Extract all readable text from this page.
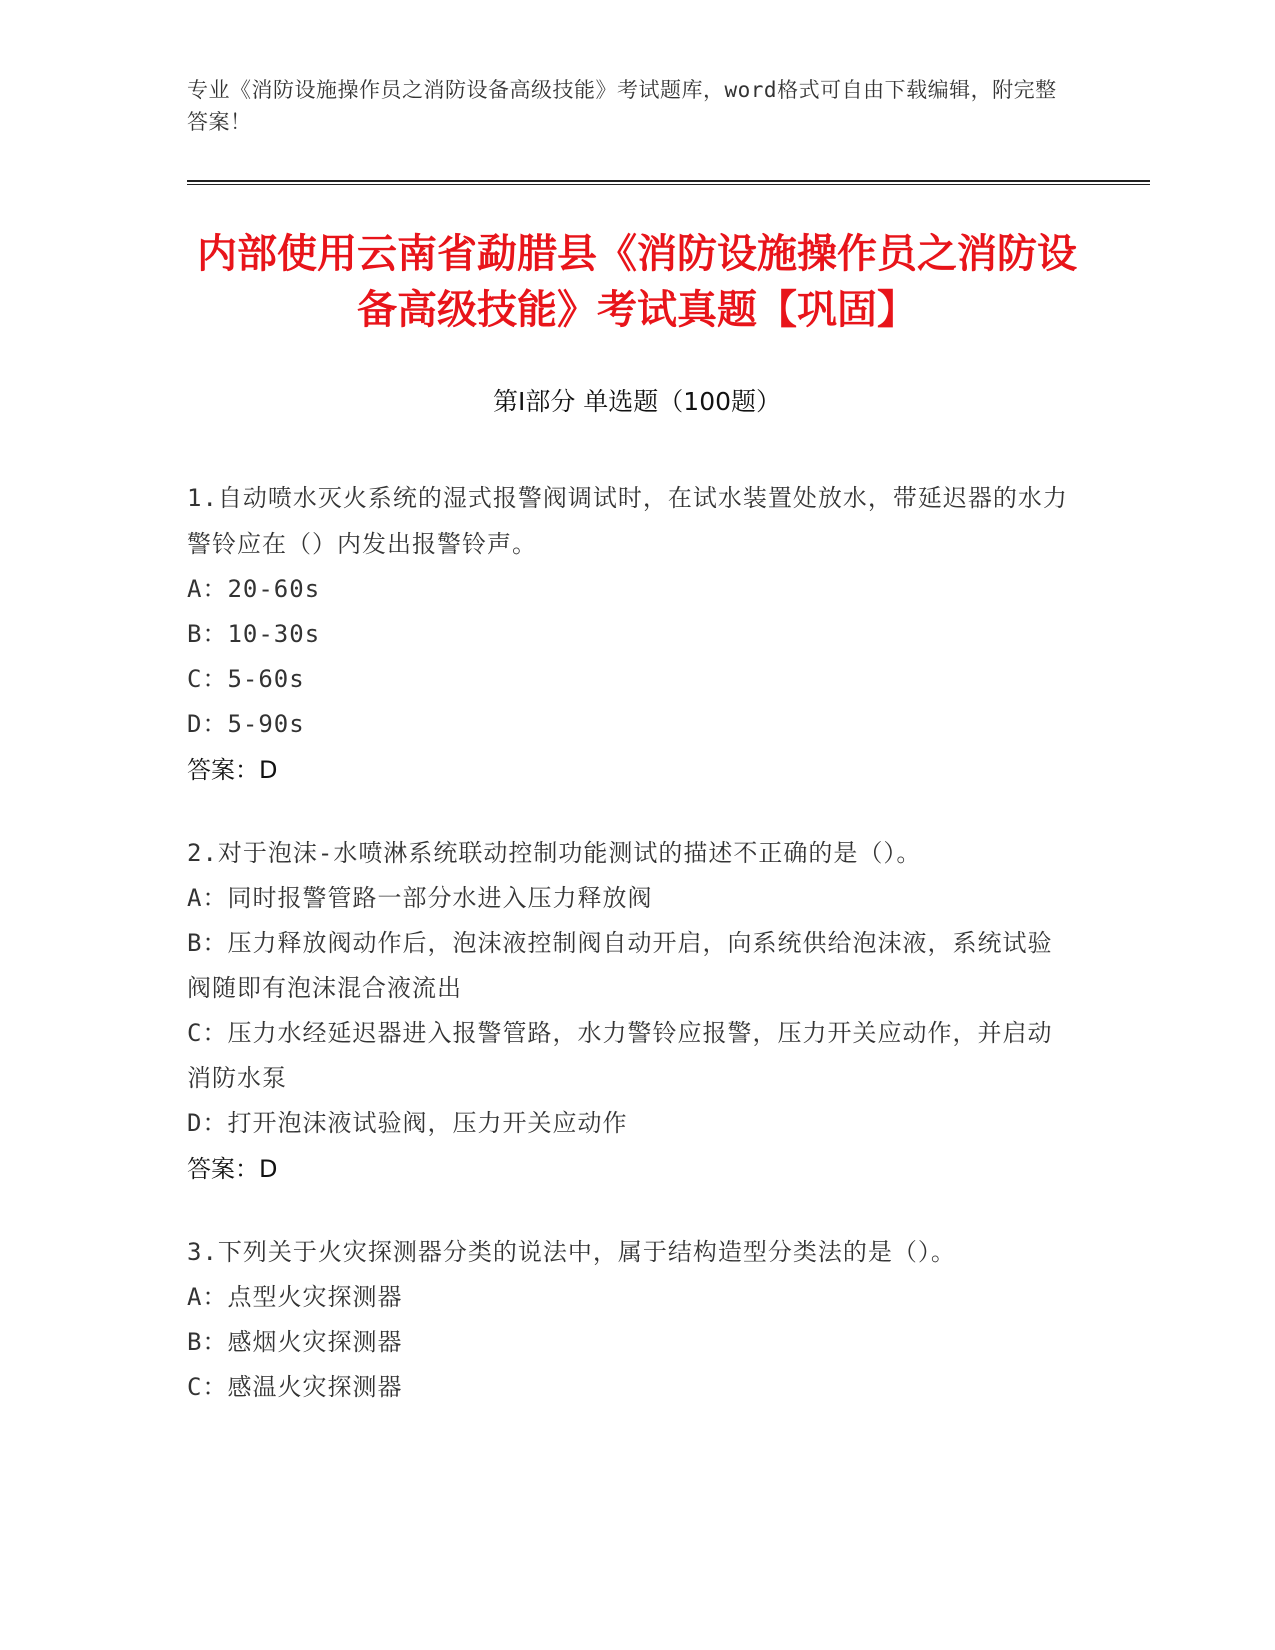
专业《消防设施操作员之消防设备高级技能》考试题库，word格式可自由下载编辑，附完整答案！
内部使用云南省勐腊县《消防设施操作员之消防设备高级技能》考试真题【巩固】
第Ⅰ部分 单选题（100题）

1.自动喷水灭火系统的湿式报警阀调试时，在试水装置处放水，带延迟器的水力警铃应在（）内发出报警铃声。

A：20-60s

B：10-30s

C：5-60s

D：5-90s

答案：D

2.对于泡沫-水喷淋系统联动控制功能测试的描述不正确的是（）。

A：同时报警管路一部分水进入压力释放阀

B：压力释放阀动作后，泡沫液控制阀自动开启，向系统供给泡沫液，系统试验阀随即有泡沫混合液流出

C：压力水经延迟器进入报警管路，水力警铃应报警，压力开关应动作，并启动消防水泵

D：打开泡沫液试验阀，压力开关应动作

答案：D

3.下列关于火灾探测器分类的说法中，属于结构造型分类法的是（）。

A：点型火灾探测器

B：感烟火灾探测器

C：感温火灾探测器
